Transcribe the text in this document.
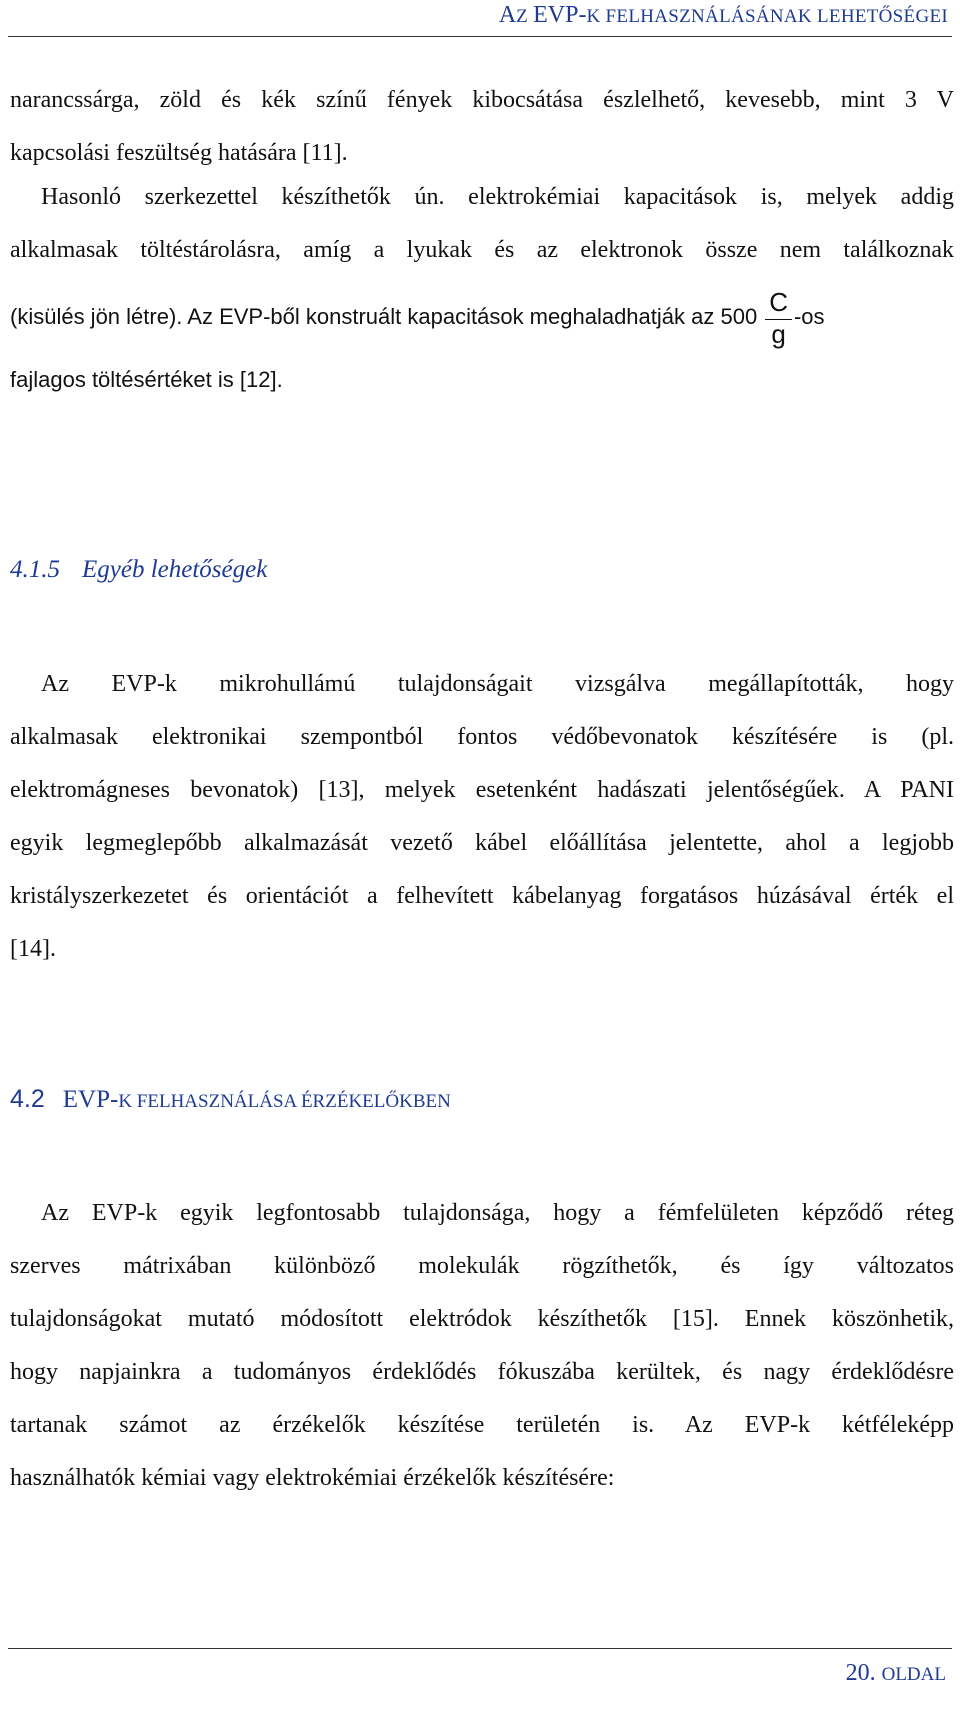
AZ EVP-K FELHASZNÁLÁSÁNAK LEHETŐSÉGEI
narancssárga, zöld és kék színű fények kibocsátása észlelhető, kevesebb, mint 3 V
kapcsolási feszültség hatására [11].
Hasonló szerkezettel készíthetők ún. elektrokémiai kapacitások is, melyek addig
alkalmasak töltéstárolásra, amíg a lyukak és az elektronok össze nem találkoznak
(kisülés jön létre). Az EVP-ből konstruált kapacitások meghaladhatják az $500 \frac{C}{g} -os$
fajlagos töltésértéket is [12].
4.1.5 Egyéb lehetőségek
Az EVP-k mikrohullámú tulajdonságait vizsgálva megállapították, hogy
alkalmasak elektronikai szempontból fontos védőbevonatok készítésére is (pl.
elektromágneses bevonatok) [13], melyek esetenként hadászati jelentőségűek. A PANI
egyik legmeglepőbb alkalmazását vezető kábel előállítása jelentette, ahol a legjobb
kristályszerkezetet és orientációt a felhevített kábelanyag forgatásos húzásával érték el
[14].
4.2 EVP-K FELHASZNÁLÁSA ÉRZÉKELŐKBEN
Az EVP-k egyik legfontosabb tulajdonsága, hogy a fémfelületen képződő réteg
szerves mátrixában különböző molekulák rögzíthetők, és így változatos
tulajdonságokat mutató módosított elektródok készíthetők [15]. Ennek köszönhetik,
hogy napjainkra a tudományos érdeklődés fókuszába kerültek, és nagy érdeklődésre
tartanak számot az érzékelők készítése területén is. Az EVP-k kétféleképp
használhatók kémiai vagy elektrokémiai érzékelők készítésére:
20. OLDAL
